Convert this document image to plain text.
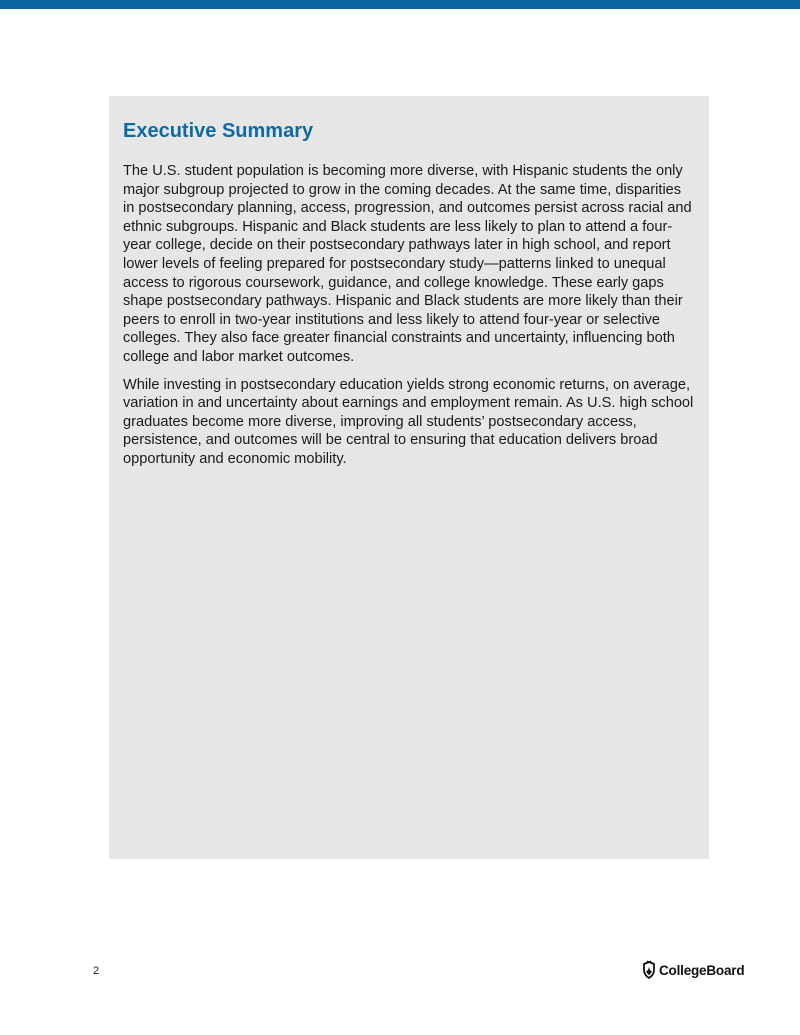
Executive Summary

The U.S. student population is becoming more diverse, with Hispanic students the only major subgroup projected to grow in the coming decades. At the same time, disparities in postsecondary planning, access, progression, and outcomes persist across racial and ethnic subgroups. Hispanic and Black students are less likely to plan to attend a four-year college, decide on their postsecondary pathways later in high school, and report lower levels of feeling prepared for postsecondary study—patterns linked to unequal access to rigorous coursework, guidance, and college knowledge. These early gaps shape postsecondary pathways. Hispanic and Black students are more likely than their peers to enroll in two-year institutions and less likely to attend four-year or selective colleges. They also face greater financial constraints and uncertainty, influencing both college and labor market outcomes.

While investing in postsecondary education yields strong economic returns, on average, variation in and uncertainty about earnings and employment remain. As U.S. high school graduates become more diverse, improving all students’ postsecondary access, persistence, and outcomes will be central to ensuring that education delivers broad opportunity and economic mobility.

2	CollegeBoard
